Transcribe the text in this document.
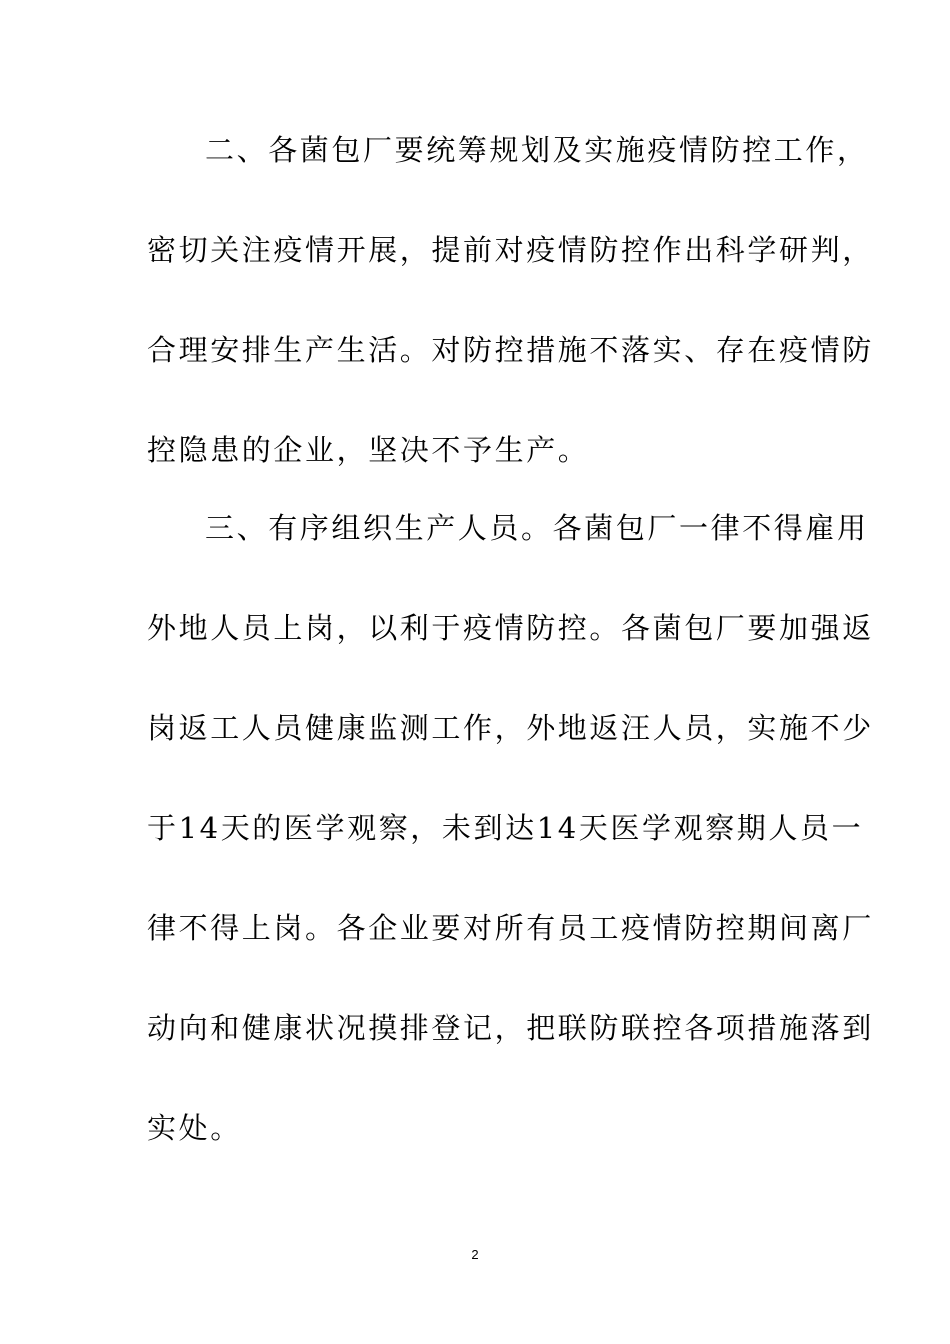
二、各菌包厂要统筹规划及实施疫情防控工作，
密切关注疫情开展，提前对疫情防控作出科学研判，
合理安排生产生活。对防控措施不落实、存在疫情防
控隐患的企业，坚决不予生产。
三、有序组织生产人员。各菌包厂一律不得雇用
外地人员上岗，以利于疫情防控。各菌包厂要加强返
岗返工人员健康监测工作，外地返汪人员，实施不少
于14天的医学观察，未到达14天医学观察期人员一
律不得上岗。各企业要对所有员工疫情防控期间离厂
动向和健康状况摸排登记，把联防联控各项措施落到
实处。
2
